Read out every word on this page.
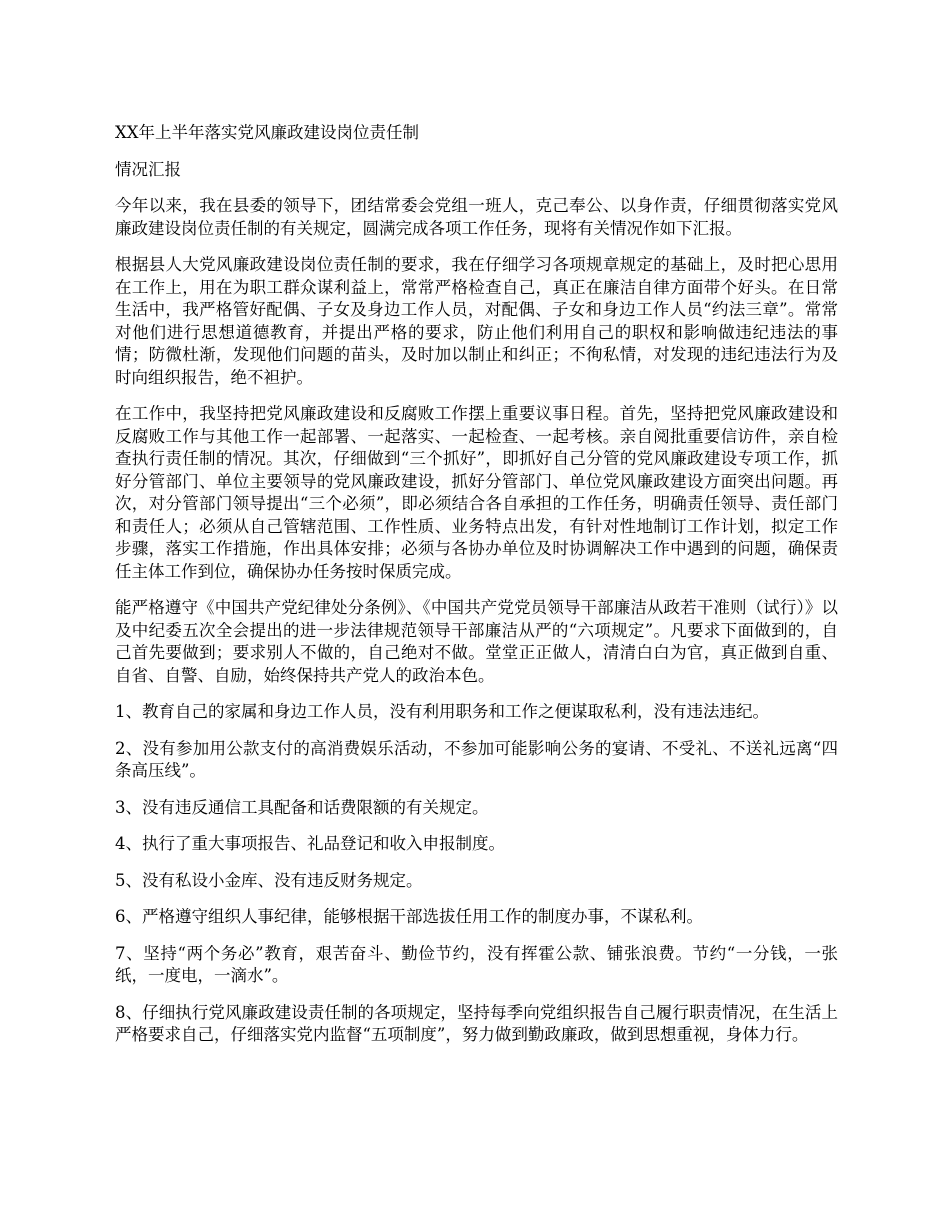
XX年上半年落实党风廉政建设岗位责任制

情况汇报

今年以来，我在县委的领导下，团结常委会党组一班人，克己奉公、以身作责，仔细贯彻落实党风廉政建设岗位责任制的有关规定，圆满完成各项工作任务，现将有关情况作如下汇报。

根据县人大党风廉政建设岗位责任制的要求，我在仔细学习各项规章规定的基础上，及时把心思用在工作上，用在为职工群众谋利益上，常常严格检查自己，真正在廉洁自律方面带个好头。在日常生活中，我严格管好配偶、子女及身边工作人员，对配偶、子女和身边工作人员“约法三章”。常常对他们进行思想道德教育，并提出严格的要求，防止他们利用自己的职权和影响做违纪违法的事情；防微杜渐，发现他们问题的苗头，及时加以制止和纠正；不徇私情，对发现的违纪违法行为及时向组织报告，绝不袒护。

在工作中，我坚持把党风廉政建设和反腐败工作摆上重要议事日程。首先，坚持把党风廉政建设和反腐败工作与其他工作一起部署、一起落实、一起检查、一起考核。亲自阅批重要信访件，亲自检查执行责任制的情况。其次，仔细做到“三个抓好”，即抓好自己分管的党风廉政建设专项工作，抓好分管部门、单位主要领导的党风廉政建设，抓好分管部门、单位党风廉政建设方面突出问题。再次，对分管部门领导提出“三个必须”，即必须结合各自承担的工作任务，明确责任领导、责任部门和责任人；必须从自己管辖范围、工作性质、业务特点出发，有针对性地制订工作计划，拟定工作步骤，落实工作措施，作出具体安排；必须与各协办单位及时协调解决工作中遇到的问题，确保责任主体工作到位，确保协办任务按时保质完成。

能严格遵守《中国共产党纪律处分条例》、《中国共产党党员领导干部廉洁从政若干准则（试行）》以及中纪委五次全会提出的进一步法律规范领导干部廉洁从严的“六项规定”。凡要求下面做到的，自己首先要做到；要求别人不做的，自己绝对不做。堂堂正正做人，清清白白为官，真正做到自重、自省、自警、自励，始终保持共产党人的政治本色。

1、教育自己的家属和身边工作人员，没有利用职务和工作之便谋取私利，没有违法违纪。

2、没有参加用公款支付的高消费娱乐活动，不参加可能影响公务的宴请、不受礼、不送礼远离“四条高压线”。

3、没有违反通信工具配备和话费限额的有关规定。

4、执行了重大事项报告、礼品登记和收入申报制度。

5、没有私设小金库、没有违反财务规定。

6、严格遵守组织人事纪律，能够根据干部选拔任用工作的制度办事，不谋私利。

7、坚持“两个务必”教育，艰苦奋斗、勤俭节约，没有挥霍公款、铺张浪费。节约“一分钱，一张纸，一度电，一滴水”。

8、仔细执行党风廉政建设责任制的各项规定，坚持每季向党组织报告自己履行职责情况，在生活上严格要求自己，仔细落实党内监督“五项制度”，努力做到勤政廉政，做到思想重视，身体力行。
